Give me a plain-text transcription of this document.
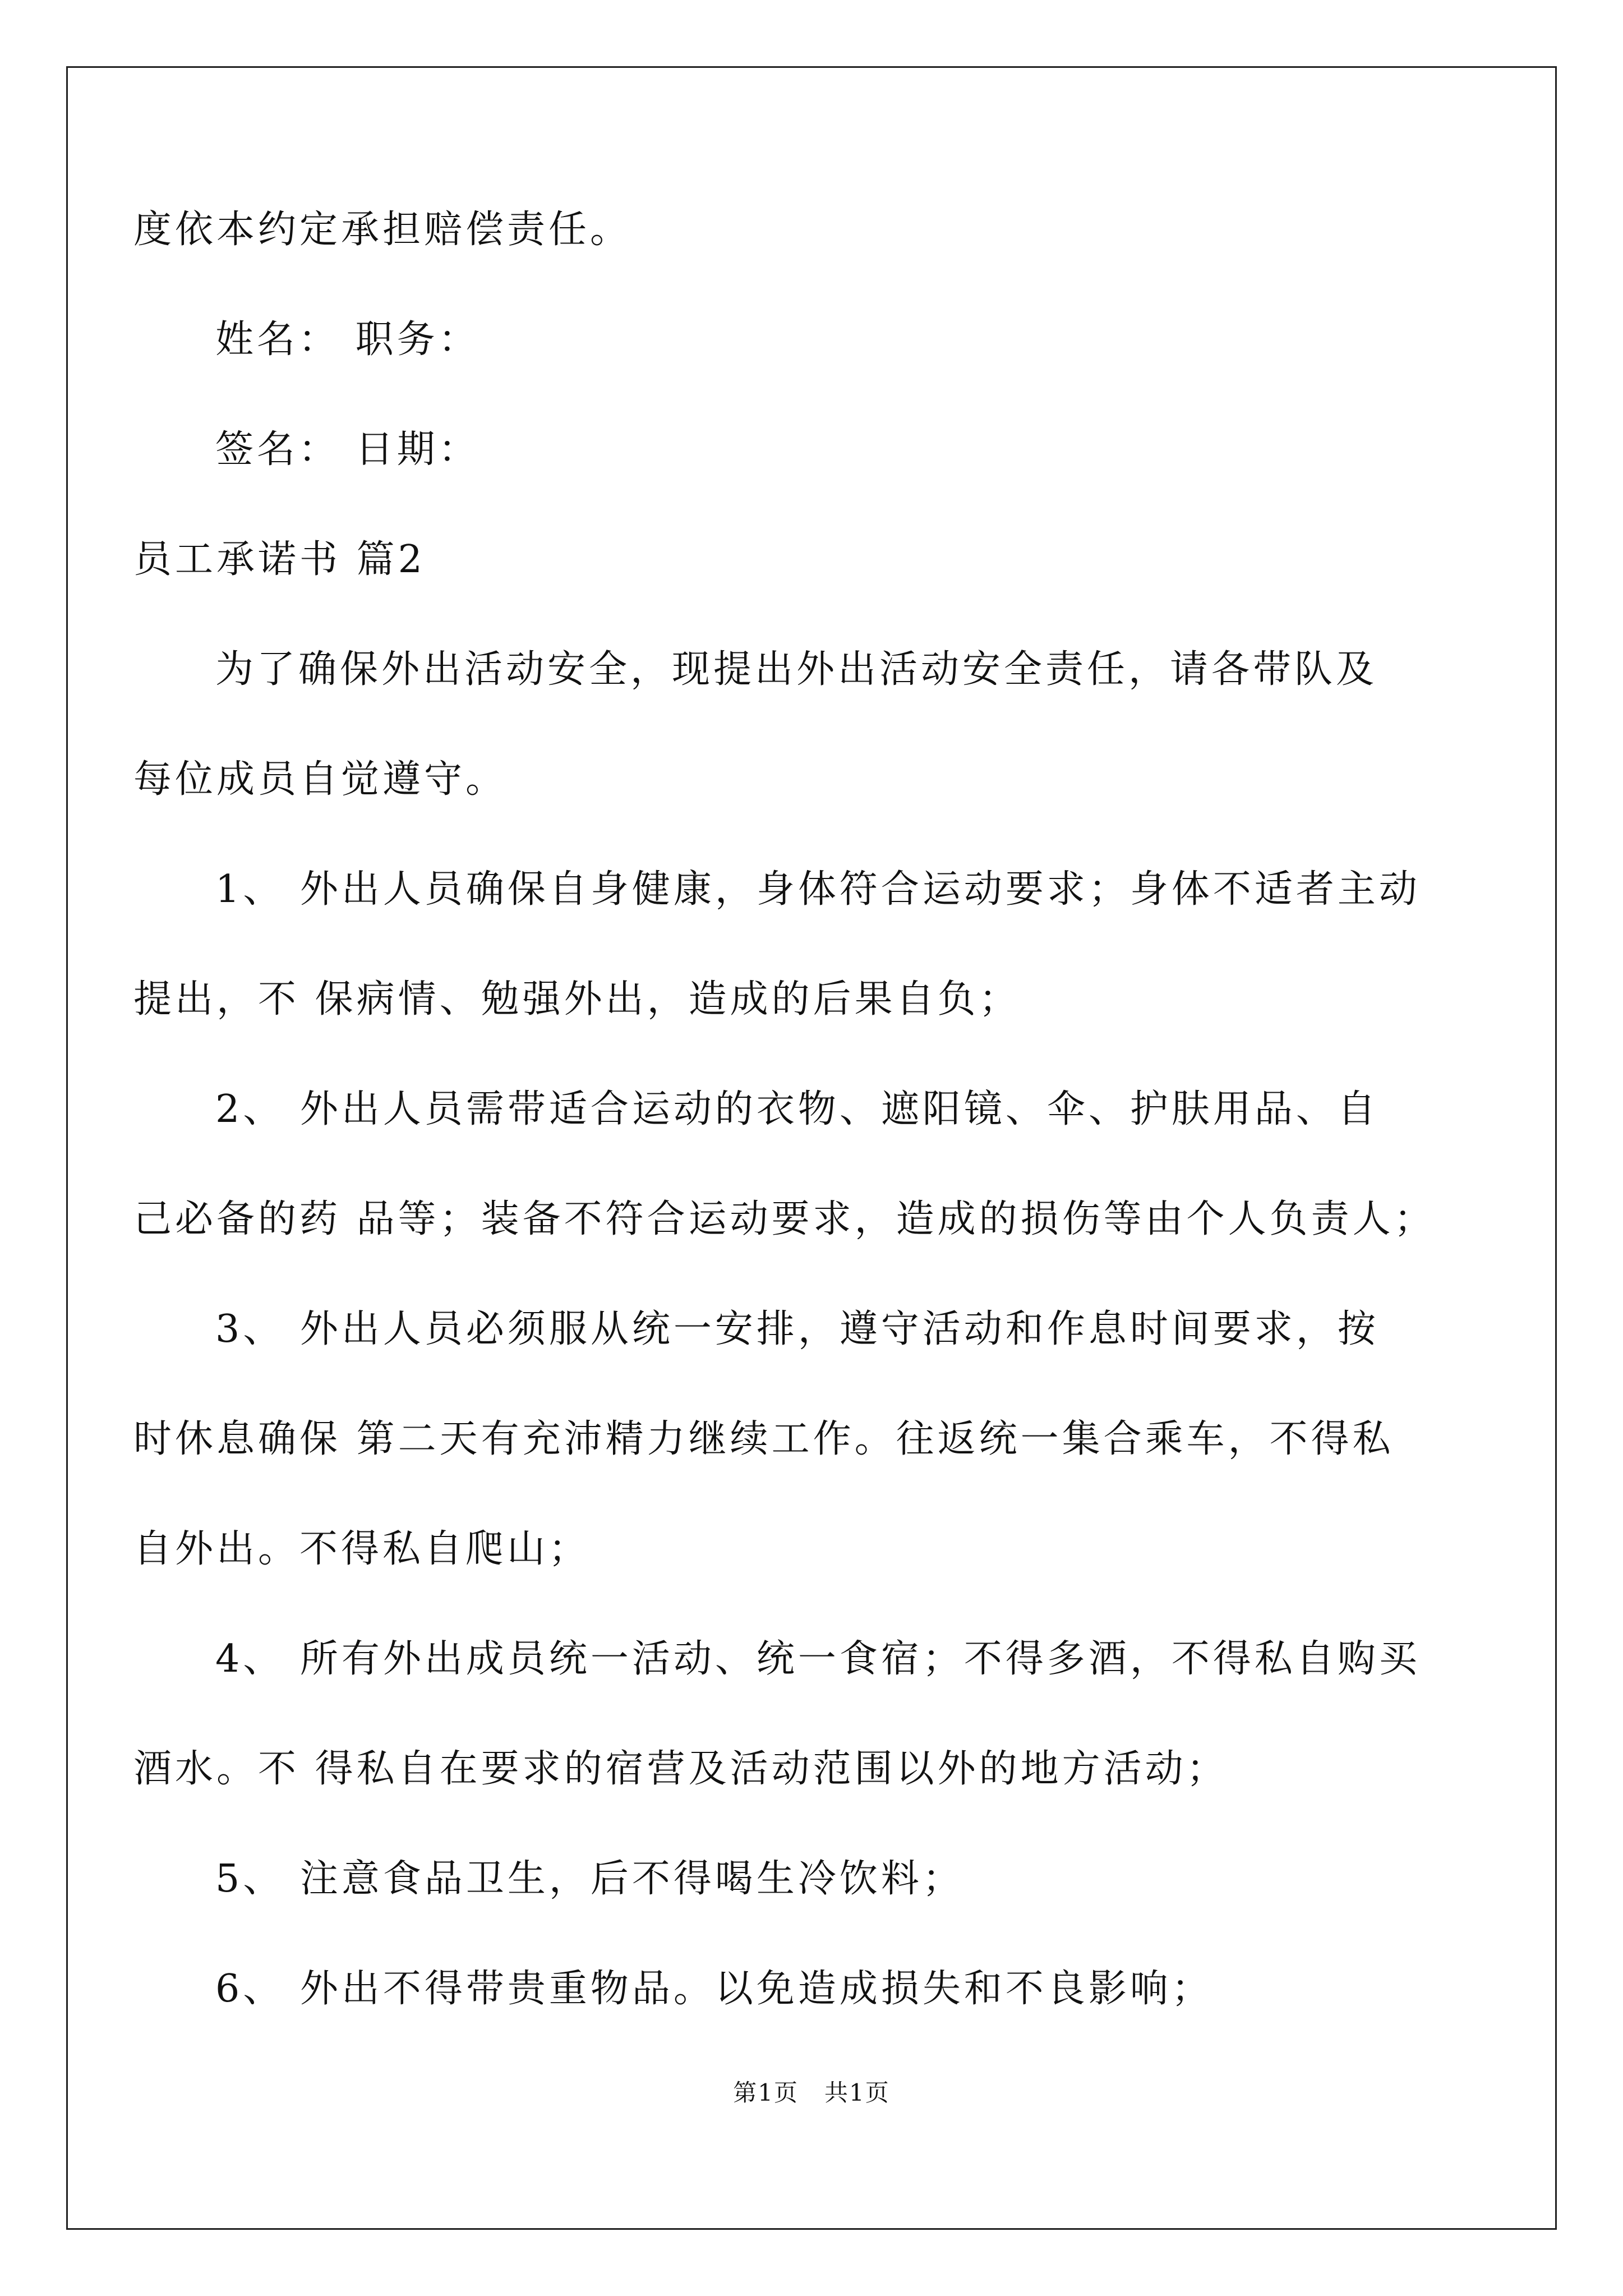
度依本约定承担赔偿责任。
姓名： 职务：
签名： 日期：
员工承诺书 篇2
为了确保外出活动安全，现提出外出活动安全责任，请各带队及
每位成员自觉遵守。
1、 外出人员确保自身健康，身体符合运动要求；身体不适者主动
提出，不 保病情、勉强外出，造成的后果自负；
2、 外出人员需带适合运动的衣物、遮阳镜、伞、护肤用品、自
己必备的药 品等；装备不符合运动要求，造成的损伤等由个人负责人；
3、 外出人员必须服从统一安排，遵守活动和作息时间要求，按
时休息确保 第二天有充沛精力继续工作。往返统一集合乘车，不得私
自外出。不得私自爬山；
4、 所有外出成员统一活动、统一食宿；不得多酒，不得私自购买
酒水。不 得私自在要求的宿营及活动范围以外的地方活动；
5、 注意食品卫生，后不得喝生冷饮料；
6、 外出不得带贵重物品。以免造成损失和不良影响；
第1页   共1页
